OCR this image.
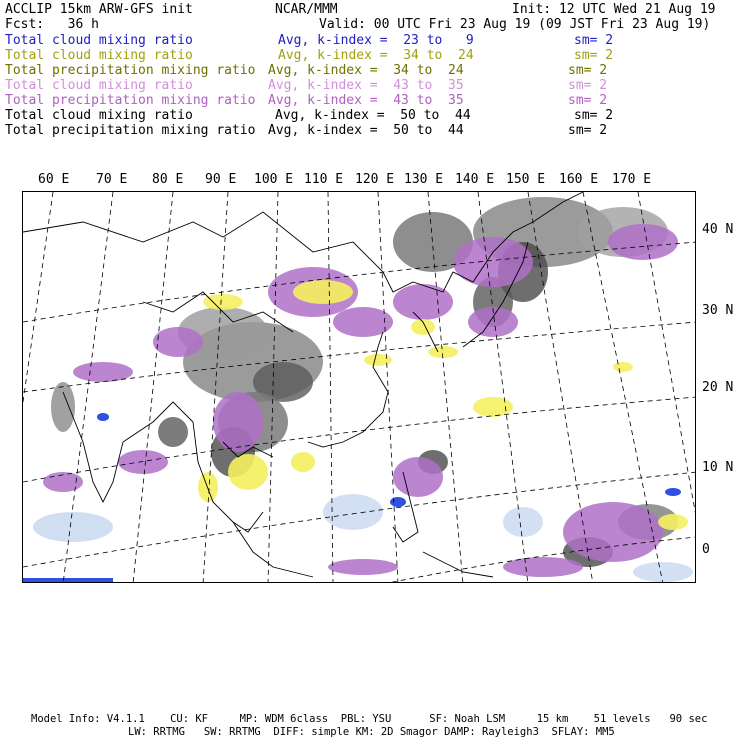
ACCLIP 15km ARW-GFS init	NCAR/MMM	Init: 12 UTC Wed 21 Aug 19
Fcst:   36 h	Valid: 00 UTC Fri 23 Aug 19 (09 JST Fri 23 Aug 19)
Total cloud mixing ratio	Avg, k-index =  23 to   9	sm= 2
Total cloud mixing ratio	Avg, k-index =  34 to  24	sm= 2
Total precipitation mixing ratio Avg, k-index =  34 to  24	sm= 2
Total cloud mixing ratio	Avg, k-index =  43 to  35	sm= 2
Total precipitation mixing ratio Avg, k-index =  43 to  35	sm= 2
Total cloud mixing ratio	Avg, k-index =  50 to  44	sm= 2
Total precipitation mixing ratio Avg, k-index =  50 to  44	sm= 2
60 E 70 E 80 E 90 E 100 E 110 E 120 E 130 E 140 E 150 E 160 E 170 E
40 N
30 N
20 N
10 N
0
Model Info: V4.1.1    CU: KF     MP: WDM 6class  PBL: YSU      SF: Noah LSM     15 km    51 levels   90 sec
LW: RRTMG   SW: RRTMG  DIFF: simple KM: 2D Smagor DAMP: Rayleigh3  SFLAY: MM5
